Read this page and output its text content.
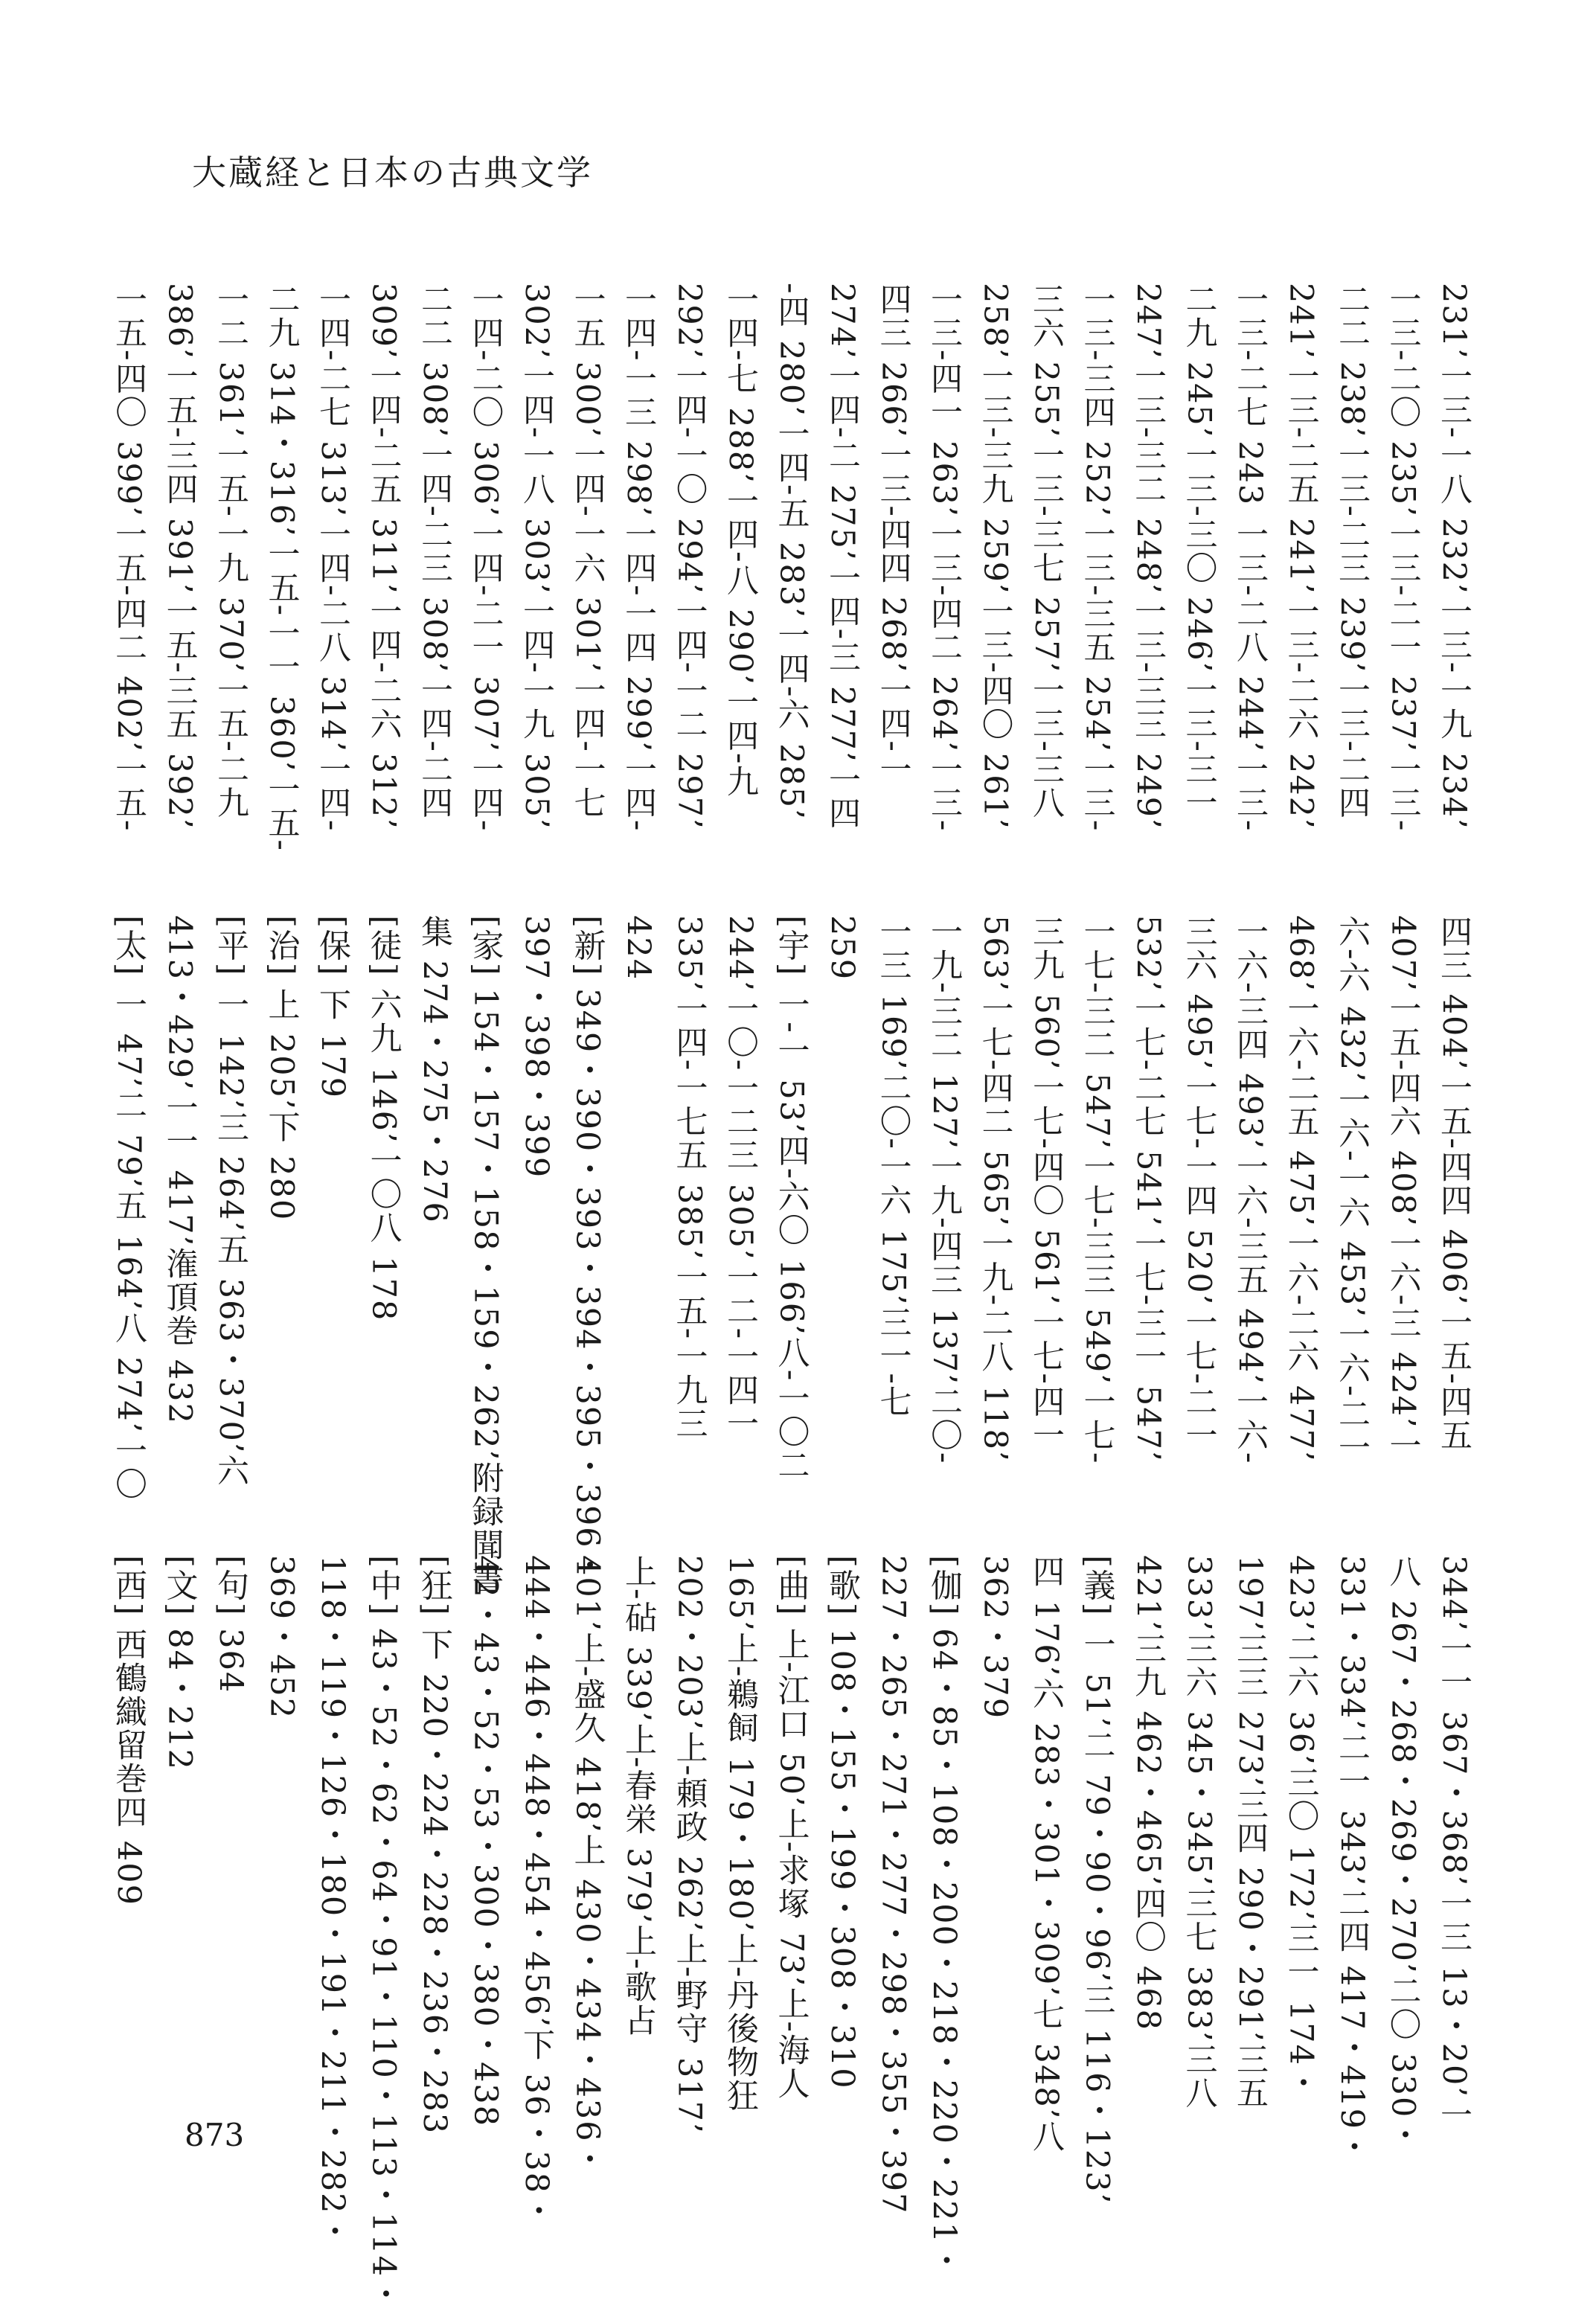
大蔵経と日本の古典文学
231’一三-一八 232’一三-一九 234’
一三-二〇 235’一三-二一 237’一三-
二二 238’一三-二三 239’一三-二四
241’一三-二五 241’一三-二六 242’
一三-二七 243 一三-二八 244’一三-
二九 245’一三-三〇 246’一三-三一
247’一三-三二 248’一三-三三 249’
一三-三四 252’一三-三五 254’一三-
三六 255’一三-三七 257’一三-三八
258’一三-三九 259’一三-四〇 261’
一三-四一 263’一三-四二 264’一三-
四三 266’一三-四四 268’一四-一
274’一四-二 275’一四-三 277’一四
-四 280’一四-五 283’一四-六 285’
一四-七 288’一四-八 290’一四-九
292’一四-一〇 294’一四-一二 297’
一四-一三 298’一四-一四 299’一四-
一五 300’一四-一六 301’一四-一七
302’一四-一八 303’一四-一九 305’
一四-二〇 306’一四-二一 307’一四-
二二 308’一四-二三 308’一四-二四
309’一四-二五 311’一四-二六 312’
一四-二七 313’一四-二八 314’一四-
二九 314・316’一五-一一 360’一五-
一二 361’一五-一九 370’一五-二九
386’一五-三四 391’一五-三五 392’
一五-四〇 399’一五-四二 402’一五-
四三 404’一五-四四 406’一五-四五
407’一五-四六 408’一六-三 424’一
六-六 432’一六-一六 453’一六-二一
468’一六-二五 475’一六-二六 477’
一六-三四 493’一六-三五 494’一六-
三六 495’一七-一四 520’一七-二一
532’一七-二七 541’一七-三一 547’
一七-三二 547’一七-三三 549’一七-
三九 560’一七-四〇 561’一七-四一
563’一七-四二 565’一九-二八 118’
一九-三二 127’一九-四三 137’二〇-
一三 169’二〇-一六 175’三一-七
259
[宇] 一-一 53’四-六〇 166’八-一〇二
244’一〇-一二三 305’一二-一四一
335’一四-一七五 385’一五-一九三
424
[新] 349・390・393・394・395・396・
397・398・399
[家] 154・157・158・159・262’附録聞書
集 274・275・276
[徒] 六九 146’一〇八 178
[保] 下 179
[治] 上 205’下 280
[平] 一 142’三 264’五 363・370’六
413・429’一一 417’潅頂巻 432
[太] 一 47’二 79’五 164’八 274’一〇
344’一一 367・368’一三 13・20’一
八 267・268・269・270’二〇 330・
331・334’二一 343’二四 417・419・
423’二六 36’三〇 172’三一 174・
197’三三 273’三四 290・291’三五
333’三六 345・345’三七 383’三八
421’三九 462・465’四〇 468
[義] 一 51’二 79・90・96’三 116・123’
四 176’六 283・301・309’七 348’八
362・379
[伽] 64・85・108・200・218・220・221・
227・265・271・277・298・355・397
[歌] 108・155・199・308・310
[曲] 上-江口 50’上-求塚 73’上-海人
165’上-鵜飼 179・180’上-丹後物狂
202・203’上-頼政 262’上-野守 317’
上-砧 339’上-春栄 379’上-歌占
401’上-盛久 418’上 430・434・436・
444・446・448・454・456’下 36・38・
42・43・52・53・300・380・438
[狂] 下 220・224・228・236・283
[中] 43・52・62・64・91・110・113・114・
118・119・126・180・191・211・282・
369・452
[句] 364
[文] 84・212
[西] 西鶴織留巻四 409
873
